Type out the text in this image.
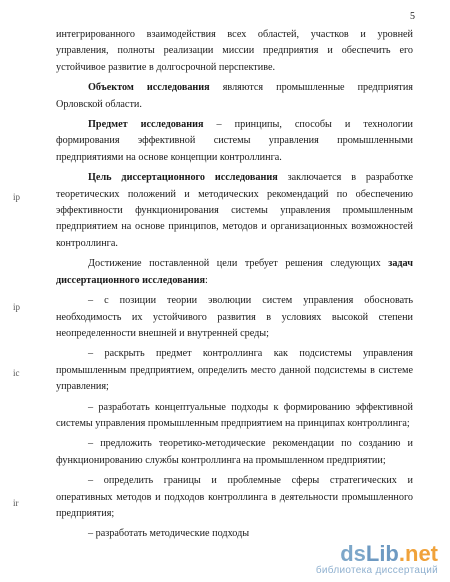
5
ip
ip
ic
ir

интегрированного взаимодействия всех областей, участков и уровней управления, полноты реализации миссии предприятия и обеспечить его устойчивое развитие в долгосрочной перспективе.

Объектом исследования являются промышленные предприятия Орловской области.

Предмет исследования – принципы, способы и технологии формирования эффективной системы управления промышленными предприятиями на основе концепции контроллинга.

Цель диссертационного исследования заключается в разработке теоретических положений и методических рекомендаций по обеспечению эффективности функционирования системы управления промышленным предприятием на основе принципов, методов и организационных возможностей контроллинга.

Достижение поставленной цели требует решения следующих задач диссертационного исследования:

– с позиции теории эволюции систем управления обосновать необходимость их устойчивого развития в условиях высокой степени неопределенности внешней и внутренней среды;

– раскрыть предмет контроллинга как подсистемы управления промышленным предприятием, определить место данной подсистемы в системе управления;

– разработать концептуальные подходы к формированию эффективной системы управления промышленным предприятием на принципах контроллинга;

– предложить теоретико-методические рекомендации по созданию и функционированию службы контроллинга на промышленном предприятии;

– определить границы и проблемные сферы стратегических и оперативных методов и подходов контроллинга в деятельности промышленного предприятия;

– разработать методические подходы

dsLib.net
библиотека диссертаций
